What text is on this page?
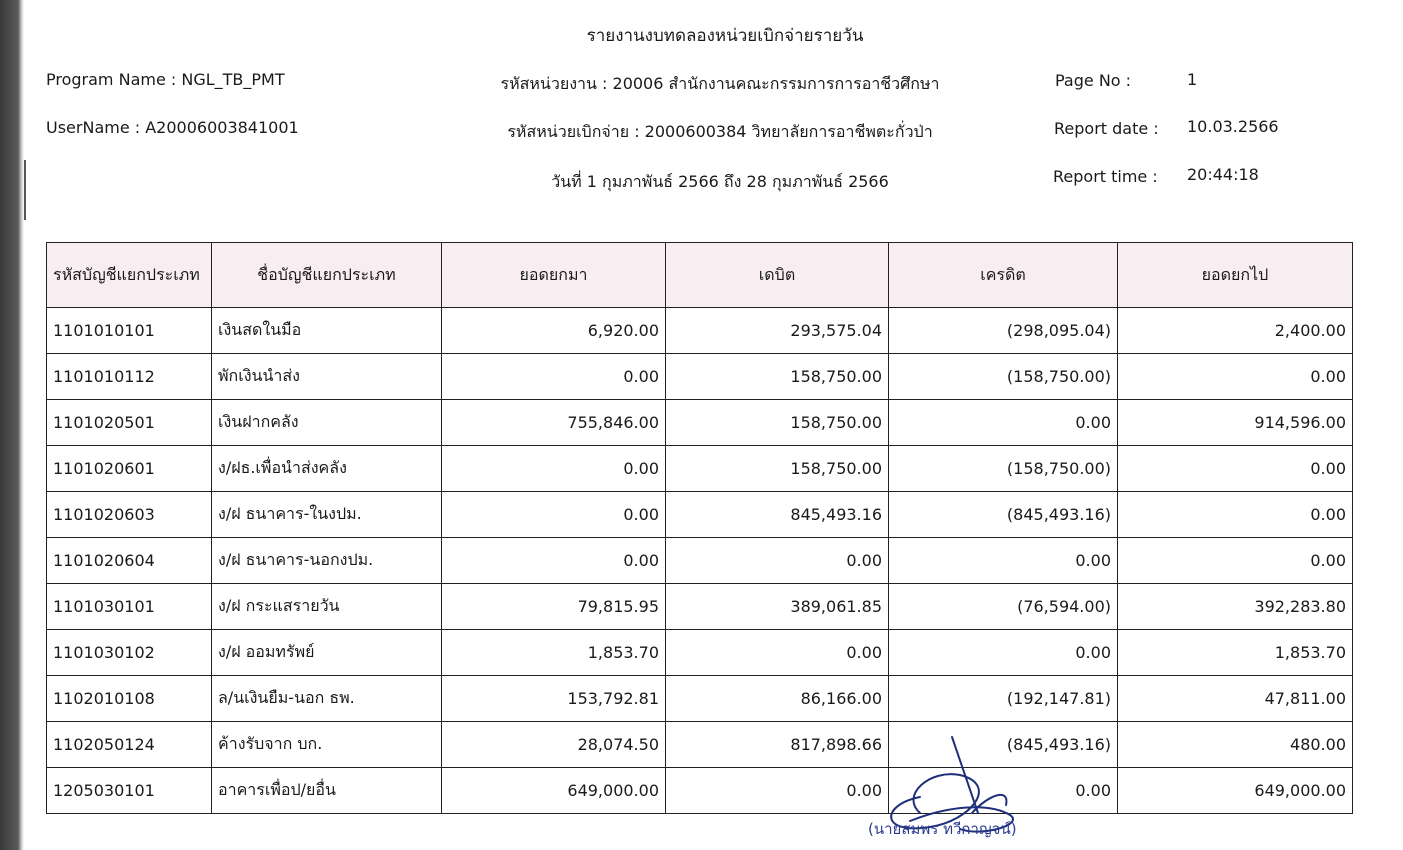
รายงานงบทดลองหน่วยเบิกจ่ายรายวัน
Program Name : NGL_TB_PMT
UserName : A20006003841001
รหัสหน่วยงาน : 20006 สำนักงานคณะกรรมการการอาชีวศึกษา
รหัสหน่วยเบิกจ่าย : 2000600384 วิทยาลัยการอาชีพตะกั่วป่า
วันที่ 1 กุมภาพันธ์ 2566 ถึง 28 กุมภาพันธ์ 2566
Page No :	1
Report date : 10.03.2566
Report time : 20:44:18
รหัสบัญชีแยกประเภท	ชื่อบัญชีแยกประเภท	ยอดยกมา	เดบิต	เครดิต	ยอดยกไป
1101010101	เงินสดในมือ	6,920.00	293,575.04	(298,095.04)	2,400.00
1101010112	พักเงินนำส่ง	0.00	158,750.00	(158,750.00)	0.00
1101020501	เงินฝากคลัง	755,846.00	158,750.00	0.00	914,596.00
1101020601	ง/ฝธ.เพื่อนำส่งคลัง	0.00	158,750.00	(158,750.00)	0.00
1101020603	ง/ฝ ธนาคาร-ในงปม.	0.00	845,493.16	(845,493.16)	0.00
1101020604	ง/ฝ ธนาคาร-นอกงปม.	0.00	0.00	0.00	0.00
1101030101	ง/ฝ กระแสรายวัน	79,815.95	389,061.85	(76,594.00)	392,283.80
1101030102	ง/ฝ ออมทรัพย์	1,853.70	0.00	0.00	1,853.70
1102010108	ล/นเงินยืม-นอก ธพ.	153,792.81	86,166.00	(192,147.81)	47,811.00
1102050124	ค้างรับจาก บก.	28,074.50	817,898.66	(845,493.16)	480.00
1205030101	อาคารเพื่อป/ยอื่น	649,000.00	0.00	0.00	649,000.00
(นายสมพร ทวีกาญจน์)
